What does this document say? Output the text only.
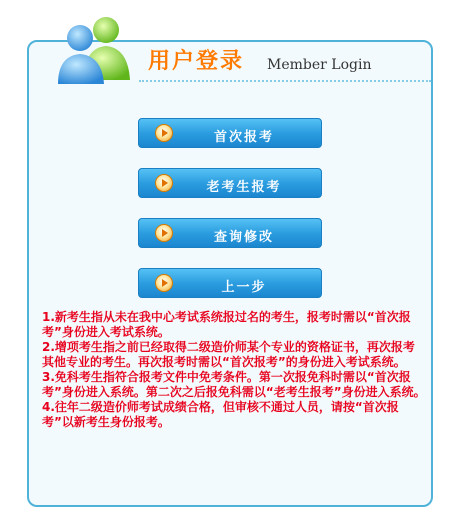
用户登录 Member Login
首次报考
老考生报考
查询修改
上一步

1.新考生指从未在我中心考试系统报过名的考生，报考时需以“首次报考”身份进入考试系统。

2.增项考生指之前已经取得二级造价师某个专业的资格证书，再次报考其他专业的考生。再次报考时需以“首次报考”的身份进入考试系统。

3.免科考生指符合报考文件中免考条件。第一次报免科时需以“首次报考”身份进入系统。第二次之后报免科需以“老考生报考”身份进入系统。

4.往年二级造价师考试成绩合格，但审核不通过人员，请按“首次报考”以新考生身份报考。
